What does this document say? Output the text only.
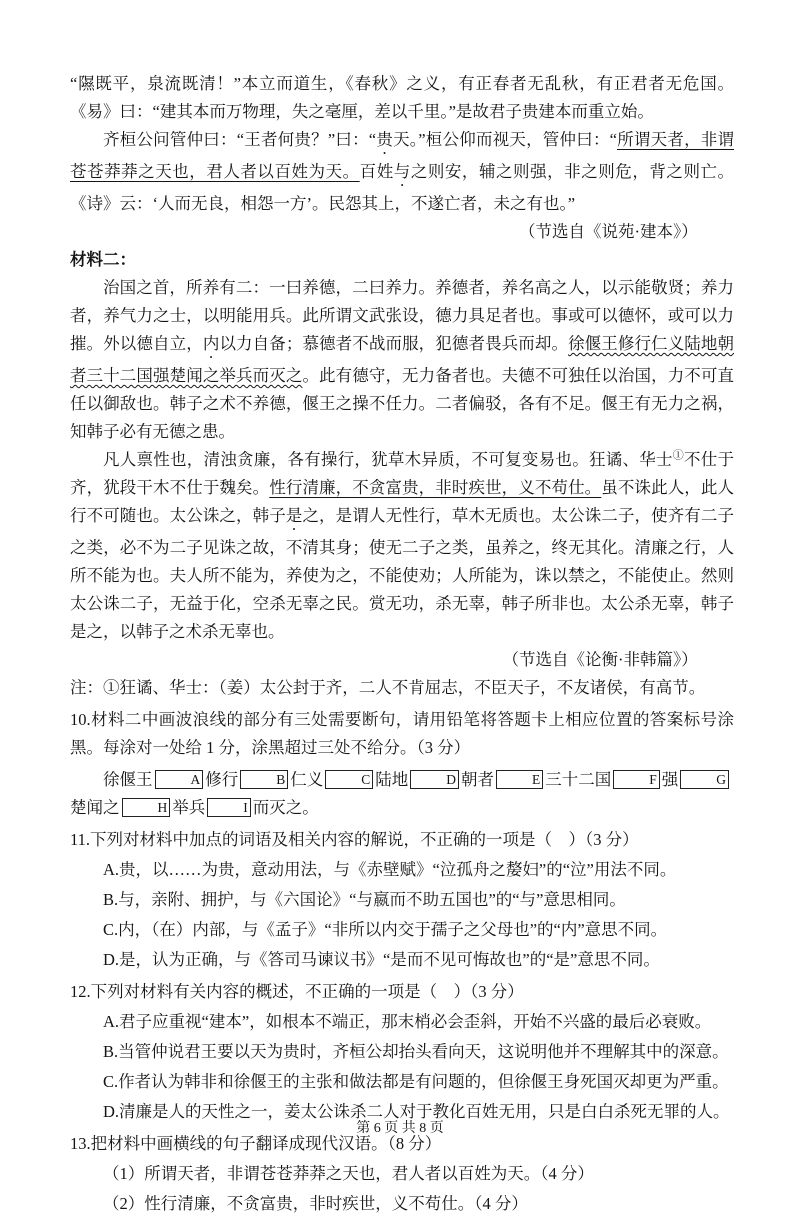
“隰既平，泉流既清！”本立而道生，《春秋》之义，有正春者无乱秋，有正君者无危国。《易》曰：“建其本而万物理，失之毫厘，差以千里。”是故君子贵建本而重立始。

齐桓公问管仲曰：“王者何贵？”曰：“贵天。”桓公仰而视天，管仲曰：“所谓天者，非谓苍苍莽莽之天也，君人者以百姓为天。百姓与之则安，辅之则强，非之则危，背之则亡。《诗》云：‘人而无良，相怨一方’。民怨其上，不遂亡者，未之有也。”

（节选自《说苑·建本》）

材料二：

治国之首，所养有二：一曰养德，二曰养力。养德者，养名高之人，以示能敬贤；养力者，养气力之士，以明能用兵。此所谓文武张设，德力具足者也。事或可以德怀，或可以力摧。外以德自立，内以力自备；慕德者不战而服，犯德者畏兵而却。徐偃王修行仁义陆地朝者三十二国强楚闻之举兵而灭之。此有德守，无力备者也。夫德不可独任以治国，力不可直任以御敌也。韩子之术不养德，偃王之操不任力。二者偏驳，各有不足。偃王有无力之祸，知韩子必有无德之患。

凡人禀性也，清浊贪廉，各有操行，犹草木异质，不可复变易也。狂谲、华士①不仕于齐，犹段干木不仕于魏矣。性行清廉，不贪富贵，非时疾世，义不苟仕。虽不诛此人，此人行不可随也。太公诛之，韩子是之，是谓人无性行，草木无质也。太公诛二子，使齐有二子之类，必不为二子见诛之故，不清其身；使无二子之类，虽养之，终无其化。清廉之行，人所不能为也。夫人所不能为，养使为之，不能使劝；人所能为，诛以禁之，不能使止。然则太公诛二子，无益于化，空杀无辜之民。赏无功，杀无辜，韩子所非也。太公杀无辜，韩子是之，以韩子之术杀无辜也。

（节选自《论衡·非韩篇》）

注：①狂谲、华士：（姜）太公封于齐，二人不肯屈志，不臣天子，不友诸侯，有高节。

10.材料二中画波浪线的部分有三处需要断句，请用铅笔将答题卡上相应位置的答案标号涂黑。每涂对一处给 1 分，涂黑超过三处不给分。（3 分）

徐偃王	A 修行	B 仁义	C 陆地	D 朝者	E 三十二国	F 强	G楚闻之	H 举兵	I 而灭之。

11.下列对材料中加点的词语及相关内容的解说，不正确的一项是（　）（3 分）

A.贵，以……为贵，意动用法，与《赤壁赋》“泣孤舟之嫠妇”的“泣”用法不同。

B.与，亲附、拥护，与《六国论》“与嬴而不助五国也”的“与”意思相同。

C.内，（在）内部，与《孟子》“非所以内交于孺子之父母也”的“内”意思不同。

D.是，认为正确，与《答司马谏议书》“是而不见可悔故也”的“是”意思不同。

12.下列对材料有关内容的概述，不正确的一项是（　）（3 分）

A.君子应重视“建本”，如根本不端正，那末梢必会歪斜，开始不兴盛的最后必衰败。

B.当管仲说君王要以天为贵时，齐桓公却抬头看向天，这说明他并不理解其中的深意。

C.作者认为韩非和徐偃王的主张和做法都是有问题的，但徐偃王身死国灭却更为严重。

D.清廉是人的天性之一，姜太公诛杀二人对于教化百姓无用，只是白白杀死无罪的人。

13.把材料中画横线的句子翻译成现代汉语。（8 分）

（1）所谓天者，非谓苍苍莽莽之天也，君人者以百姓为天。（4 分）

（2）性行清廉，不贪富贵，非时疾世，义不苟仕。（4 分）

第 6 页 共 8 页
